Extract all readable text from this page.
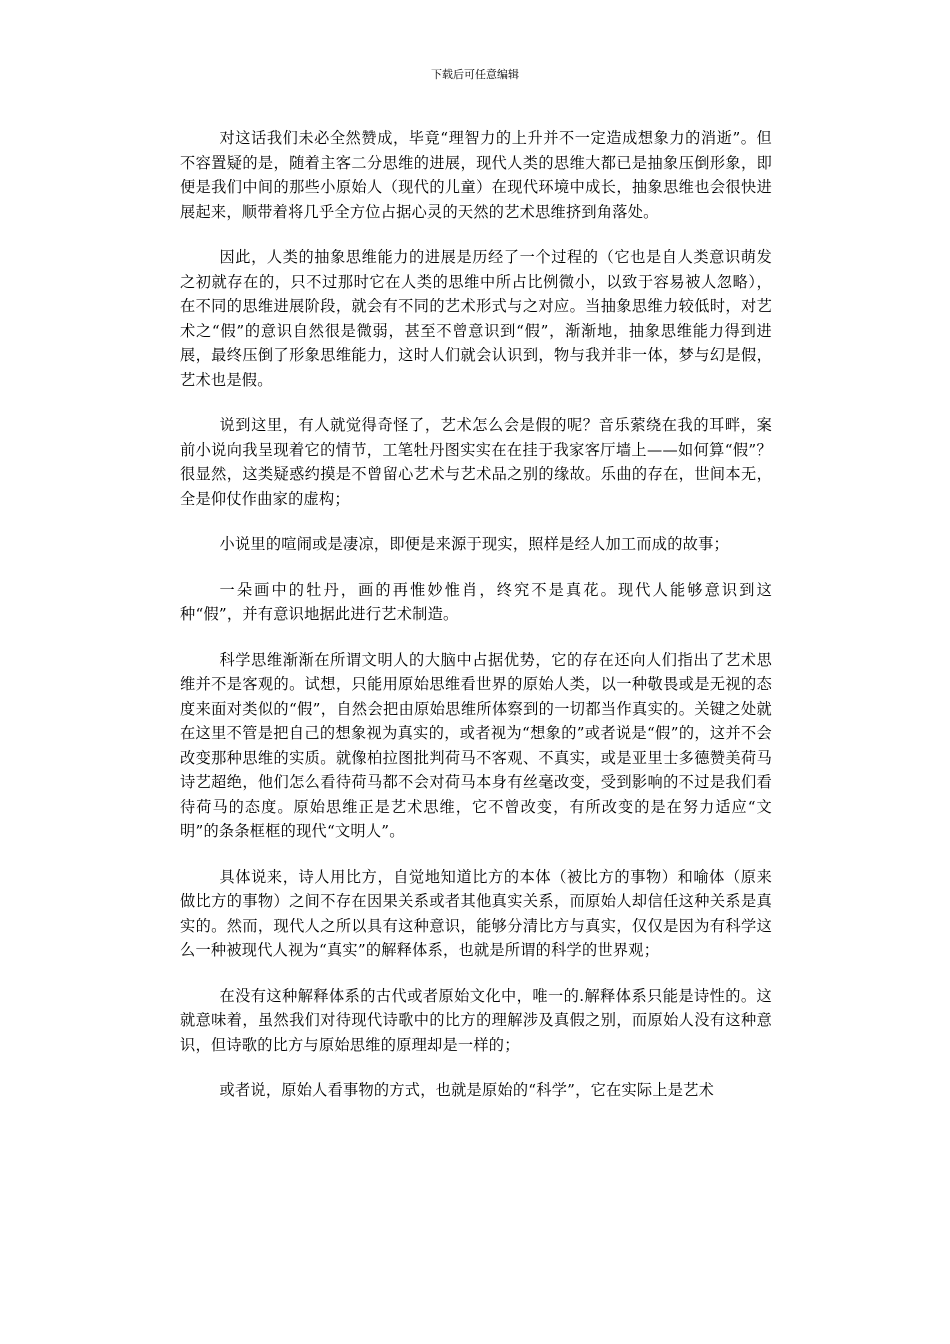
下载后可任意编辑

对这话我们未必全然赞成，毕竟“理智力的上升并不一定造成想象力的消逝”。但不容置疑的是，随着主客二分思维的进展，现代人类的思维大都已是抽象压倒形象，即便是我们中间的那些小原始人（现代的儿童）在现代环境中成长，抽象思维也会很快进展起来，顺带着将几乎全方位占据心灵的天然的艺术思维挤到角落处。

因此，人类的抽象思维能力的进展是历经了一个过程的（它也是自人类意识萌发之初就存在的，只不过那时它在人类的思维中所占比例微小，以致于容易被人忽略），在不同的思维进展阶段，就会有不同的艺术形式与之对应。当抽象思维力较低时，对艺术之“假”的意识自然很是微弱，甚至不曾意识到“假”，渐渐地，抽象思维能力得到进展，最终压倒了形象思维能力，这时人们就会认识到，物与我并非一体，梦与幻是假，艺术也是假。

说到这里，有人就觉得奇怪了，艺术怎么会是假的呢？音乐萦绕在我的耳畔，案前小说向我呈现着它的情节，工笔牡丹图实实在在挂于我家客厅墙上——如何算“假”？很显然，这类疑惑约摸是不曾留心艺术与艺术品之别的缘故。乐曲的存在，世间本无，全是仰仗作曲家的虚构；

小说里的喧闹或是凄凉，即便是来源于现实，照样是经人加工而成的故事；

一朵画中的牡丹，画的再惟妙惟肖，终究不是真花。现代人能够意识到这种“假”，并有意识地据此进行艺术制造。

科学思维渐渐在所谓文明人的大脑中占据优势，它的存在还向人们指出了艺术思维并不是客观的。试想，只能用原始思维看世界的原始人类，以一种敬畏或是无视的态度来面对类似的“假”，自然会把由原始思维所体察到的一切都当作真实的。关键之处就在这里不管是把自己的想象视为真实的，或者视为“想象的”或者说是“假”的，这并不会改变那种思维的实质。就像柏拉图批判荷马不客观、不真实，或是亚里士多德赞美荷马诗艺超绝，他们怎么看待荷马都不会对荷马本身有丝毫改变，受到影响的不过是我们看待荷马的态度。原始思维正是艺术思维，它不曾改变，有所改变的是在努力适应“文明”的条条框框的现代“文明人”。

具体说来，诗人用比方，自觉地知道比方的本体（被比方的事物）和喻体（原来做比方的事物）之间不存在因果关系或者其他真实关系，而原始人却信任这种关系是真实的。然而，现代人之所以具有这种意识，能够分清比方与真实，仅仅是因为有科学这么一种被现代人视为“真实”的解释体系，也就是所谓的科学的世界观；

在没有这种解释体系的古代或者原始文化中，唯一的.解释体系只能是诗性的。这就意味着，虽然我们对待现代诗歌中的比方的理解涉及真假之别，而原始人没有这种意识，但诗歌的比方与原始思维的原理却是一样的；

或者说，原始人看事物的方式，也就是原始的“科学”，它在实际上是艺术
